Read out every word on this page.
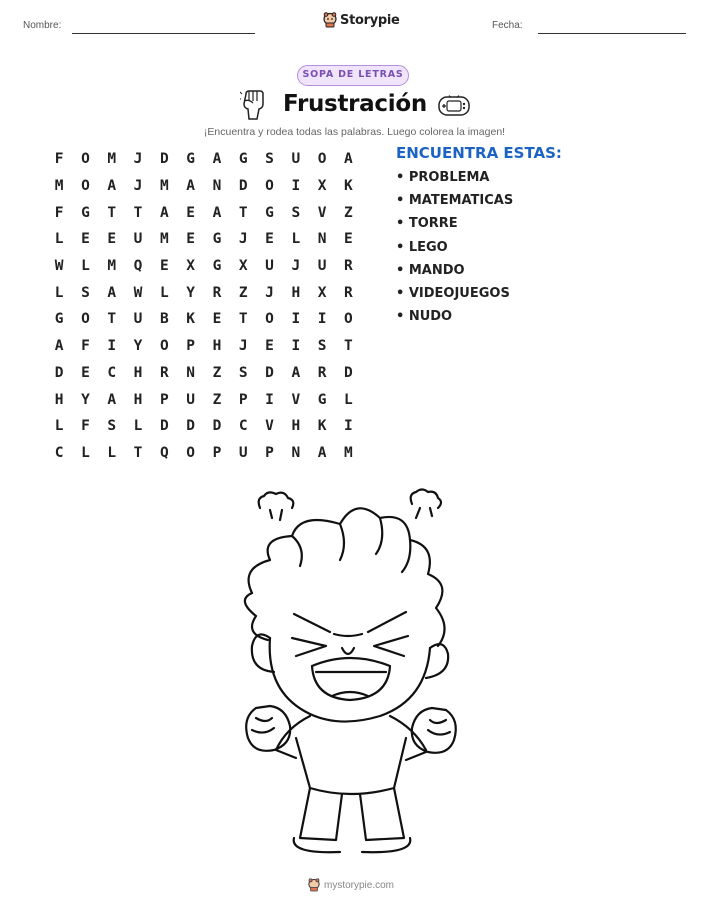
Nombre:	Storypie	Fecha:
SOPA DE LETRAS
Frustración
¡Encuentra y rodea todas las palabras. Luego colorea la imagen!
F	O	M	J	D	G	A	G	S	U	O	A
M	O	A	J	M	A	N	D	O	I	X	K
F	G	T	T	A	E	A	T	G	S	V	Z
L	E	E	U	M	E	G	J	E	L	N	E
W	L	M	Q	E	X	G	X	U	J	U	R
L	S	A	W	L	Y	R	Z	J	H	X	R
G	O	T	U	B	K	E	T	O	I	I	O
A	F	I	Y	O	P	H	J	E	I	S	T
D	E	C	H	R	N	Z	S	D	A	R	D
H	Y	A	H	P	U	Z	P	I	V	G	L
L	F	S	L	D	D	D	C	V	H	K	I
C	L	L	T	Q	O	P	U	P	N	A	M
ENCUENTRA ESTAS:
• PROBLEMA
• MATEMATICAS
• TORRE
• LEGO
• MANDO
• VIDEOJUEGOS
• NUDO
mystorypie.com
